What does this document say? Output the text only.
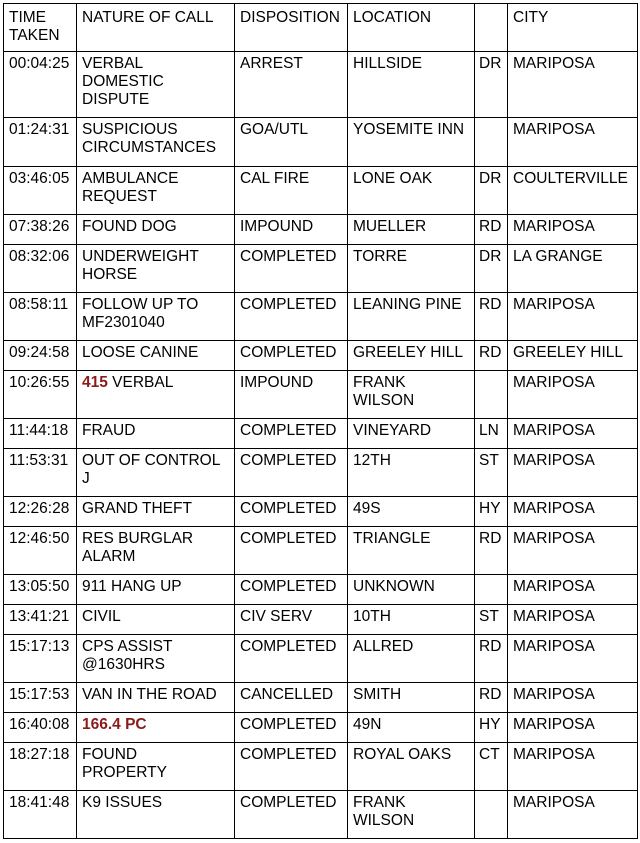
TIME
TAKEN	NATURE OF CALL	DISPOSITION	LOCATION		CITY
00:04:25	VERBAL
DOMESTIC
DISPUTE	ARREST	HILLSIDE	DR	MARIPOSA
01:24:31	SUSPICIOUS
CIRCUMSTANCES	GOA/UTL	YOSEMITE INN		MARIPOSA
03:46:05	AMBULANCE
REQUEST	CAL FIRE	LONE OAK	DR	COULTERVILLE
07:38:26	FOUND DOG	IMPOUND	MUELLER	RD	MARIPOSA
08:32:06	UNDERWEIGHT
HORSE	COMPLETED	TORRE	DR	LA GRANGE
08:58:11	FOLLOW UP TO
MF2301040	COMPLETED	LEANING PINE	RD	MARIPOSA
09:24:58	LOOSE CANINE	COMPLETED	GREELEY HILL	RD	GREELEY HILL
10:26:55	415 VERBAL	IMPOUND	FRANK
WILSON		MARIPOSA
11:44:18	FRAUD	COMPLETED	VINEYARD	LN	MARIPOSA
11:53:31	OUT OF CONTROL
J	COMPLETED	12TH	ST	MARIPOSA
12:26:28	GRAND THEFT	COMPLETED	49S	HY	MARIPOSA
12:46:50	RES BURGLAR
ALARM	COMPLETED	TRIANGLE	RD	MARIPOSA
13:05:50	911 HANG UP	COMPLETED	UNKNOWN		MARIPOSA
13:41:21	CIVIL	CIV SERV	10TH	ST	MARIPOSA
15:17:13	CPS ASSIST
@1630HRS	COMPLETED	ALLRED	RD	MARIPOSA
15:17:53	VAN IN THE ROAD	CANCELLED	SMITH	RD	MARIPOSA
16:40:08	166.4 PC	COMPLETED	49N	HY	MARIPOSA
18:27:18	FOUND
PROPERTY	COMPLETED	ROYAL OAKS	CT	MARIPOSA
18:41:48	K9 ISSUES	COMPLETED	FRANK
WILSON		MARIPOSA
